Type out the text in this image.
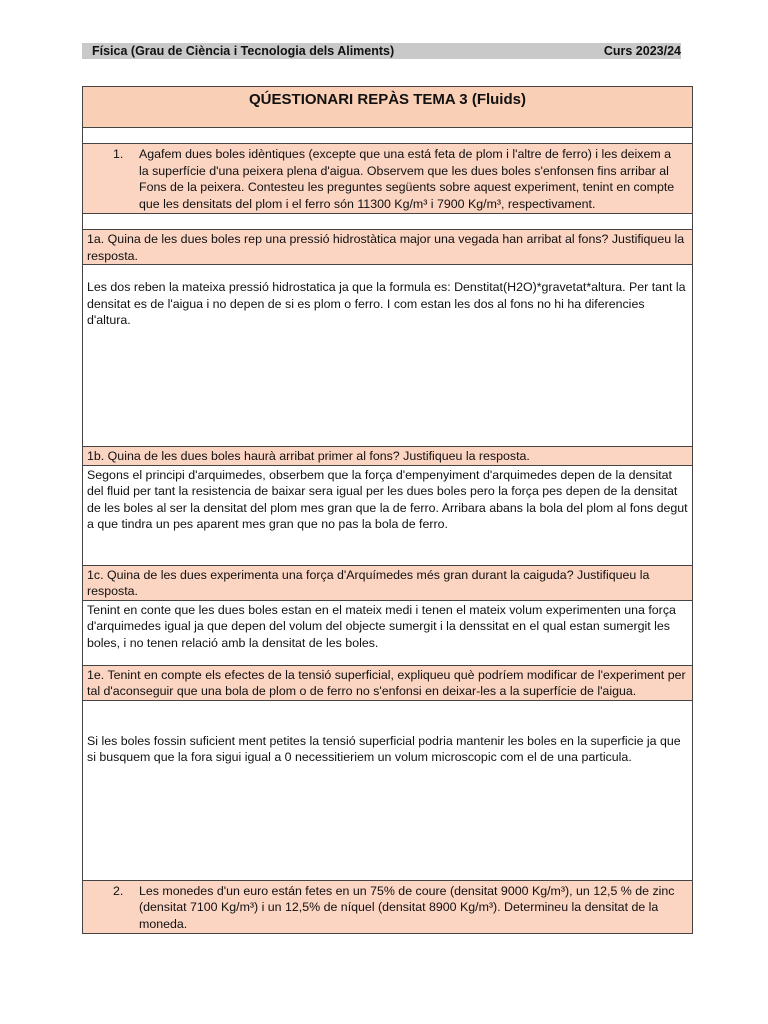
Física (Grau de Ciència i Tecnologia dels Aliments)	Curs 2023/24
QÚESTIONARI REPÀS TEMA 3 (Fluids)
1. Agafem dues boles idèntiques (excepte que una está feta de plom i l'altre de ferro) i les deixem a la superfície d'una peixera plena d'aigua. Observem que les dues boles s'enfonsen fins arribar al Fons de la peixera. Contesteu les preguntes següents sobre aquest experiment, tenint en compte que les densitats del plom i el ferro són 11300 Kg/m³ i 7900 Kg/m³, respectivament.
1a. Quina de les dues boles rep una pressió hidrostàtica major una vegada han arribat al fons? Justifiqueu la resposta.
Les dos reben la mateixa pressió hidrostatica ja que la formula es: Denstitat(H2O)*gravetat*altura. Per tant la densitat es de l'aigua i no depen de si es plom o ferro. I com estan les dos al fons no hi ha diferencies d'altura.
1b. Quina de les dues boles haurà arribat primer al fons? Justifiqueu la resposta.
Segons el principi d'arquimedes, obserbem que la força d'empenyiment d'arquimedes depen de la densitat del fluid per tant la resistencia de baixar sera igual per les dues boles pero la força pes depen de la densitat de les boles al ser la densitat del plom mes gran que la de ferro. Arribara abans la bola del plom al fons degut a que tindra un pes aparent mes gran que no pas la bola de ferro.
1c. Quina de les dues experimenta una força d'Arquímedes més gran durant la caiguda? Justifiqueu la resposta.
Tenint en conte que les dues boles estan en el mateix medi i tenen el mateix volum experimenten una força d'arquimedes igual ja que depen del volum del objecte sumergit i la denssitat en el qual estan sumergit les boles, i no tenen relació amb la densitat de les boles.
1e. Tenint en compte els efectes de la tensió superficial, expliqueu què podríem modificar de l'experiment per tal d'aconseguir que una bola de plom o de ferro no s'enfonsi en deixar-les a la superfície de l'aigua.
Si les boles fossin suficient ment petites la tensió superficial podria mantenir les boles en la superficie ja que si busquem que la fora sigui igual a 0 necessitieriem un volum microscopic com el de una particula.
2. Les monedes d'un euro están fetes en un 75% de coure (densitat 9000 Kg/m³), un 12,5 % de zinc (densitat 7100 Kg/m³) i un 12,5% de níquel (densitat 8900 Kg/m³). Determineu la densitat de la moneda.
